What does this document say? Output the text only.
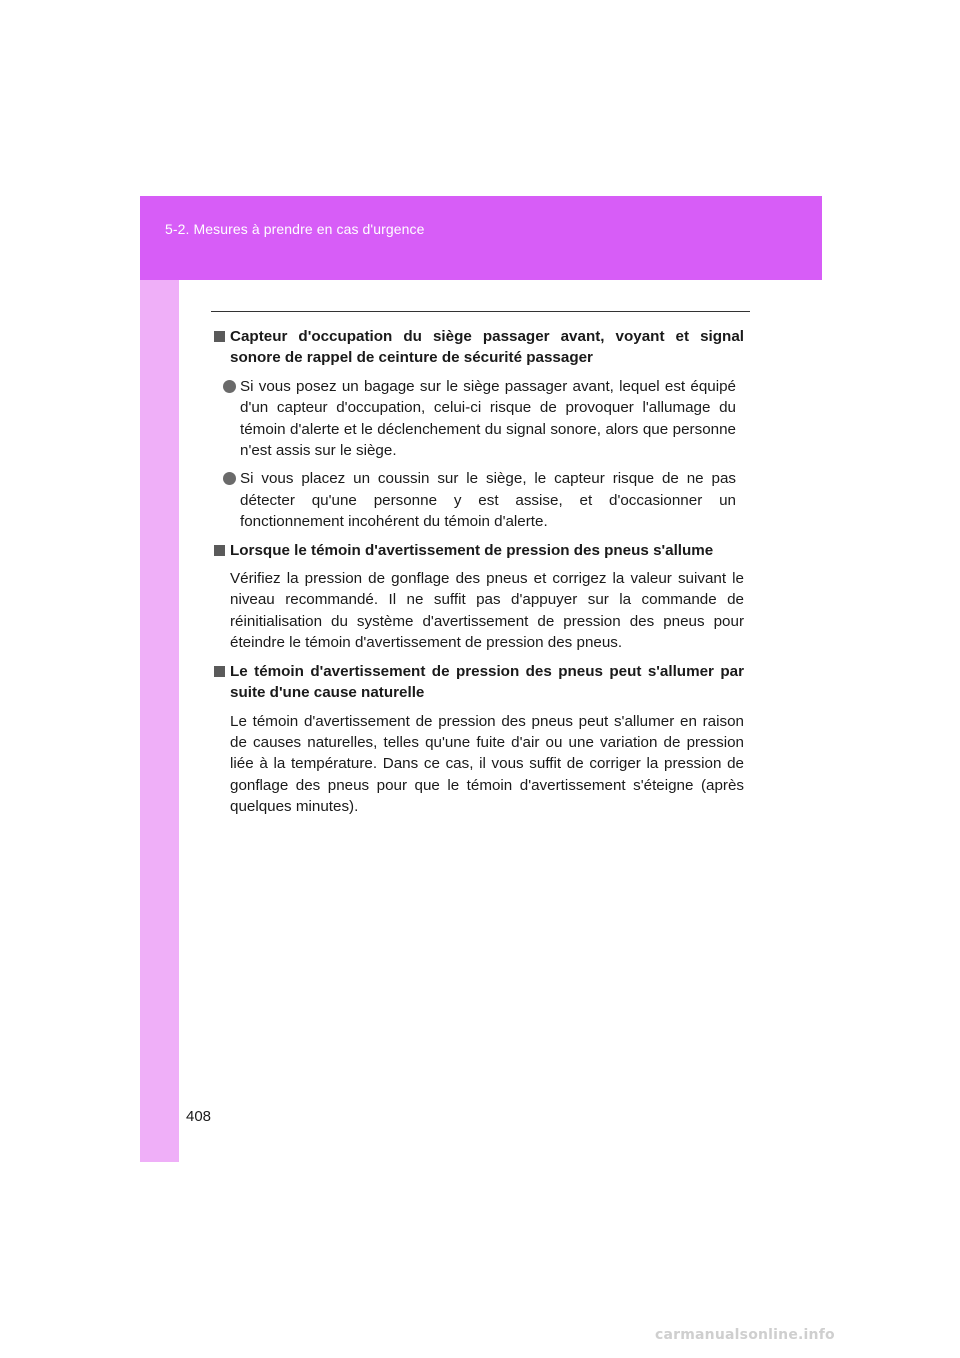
5-2. Mesures à prendre en cas d'urgence
Capteur d'occupation du siège passager avant, voyant et signal sonore de rappel de ceinture de sécurité passager
Si vous posez un bagage sur le siège passager avant, lequel est équipé d'un capteur d'occupation, celui-ci risque de provoquer l'allumage du témoin d'alerte et le déclenchement du signal sonore, alors que personne n'est assis sur le siège.
Si vous placez un coussin sur le siège, le capteur risque de ne pas détecter qu'une personne y est assise, et d'occasionner un fonctionnement incohérent du témoin d'alerte.
Lorsque le témoin d'avertissement de pression des pneus s'allume
Vérifiez la pression de gonflage des pneus et corrigez la valeur suivant le niveau recommandé. Il ne suffit pas d'appuyer sur la commande de réinitialisation du système d'avertissement de pression des pneus pour éteindre le témoin d'avertissement de pression des pneus.
Le témoin d'avertissement de pression des pneus peut s'allumer par suite d'une cause naturelle
Le témoin d'avertissement de pression des pneus peut s'allumer en raison de causes naturelles, telles qu'une fuite d'air ou une variation de pression liée à la température. Dans ce cas, il vous suffit de corriger la pression de gonflage des pneus pour que le témoin d'avertissement s'éteigne (après quelques minutes).
408
carmanualsonline.info
